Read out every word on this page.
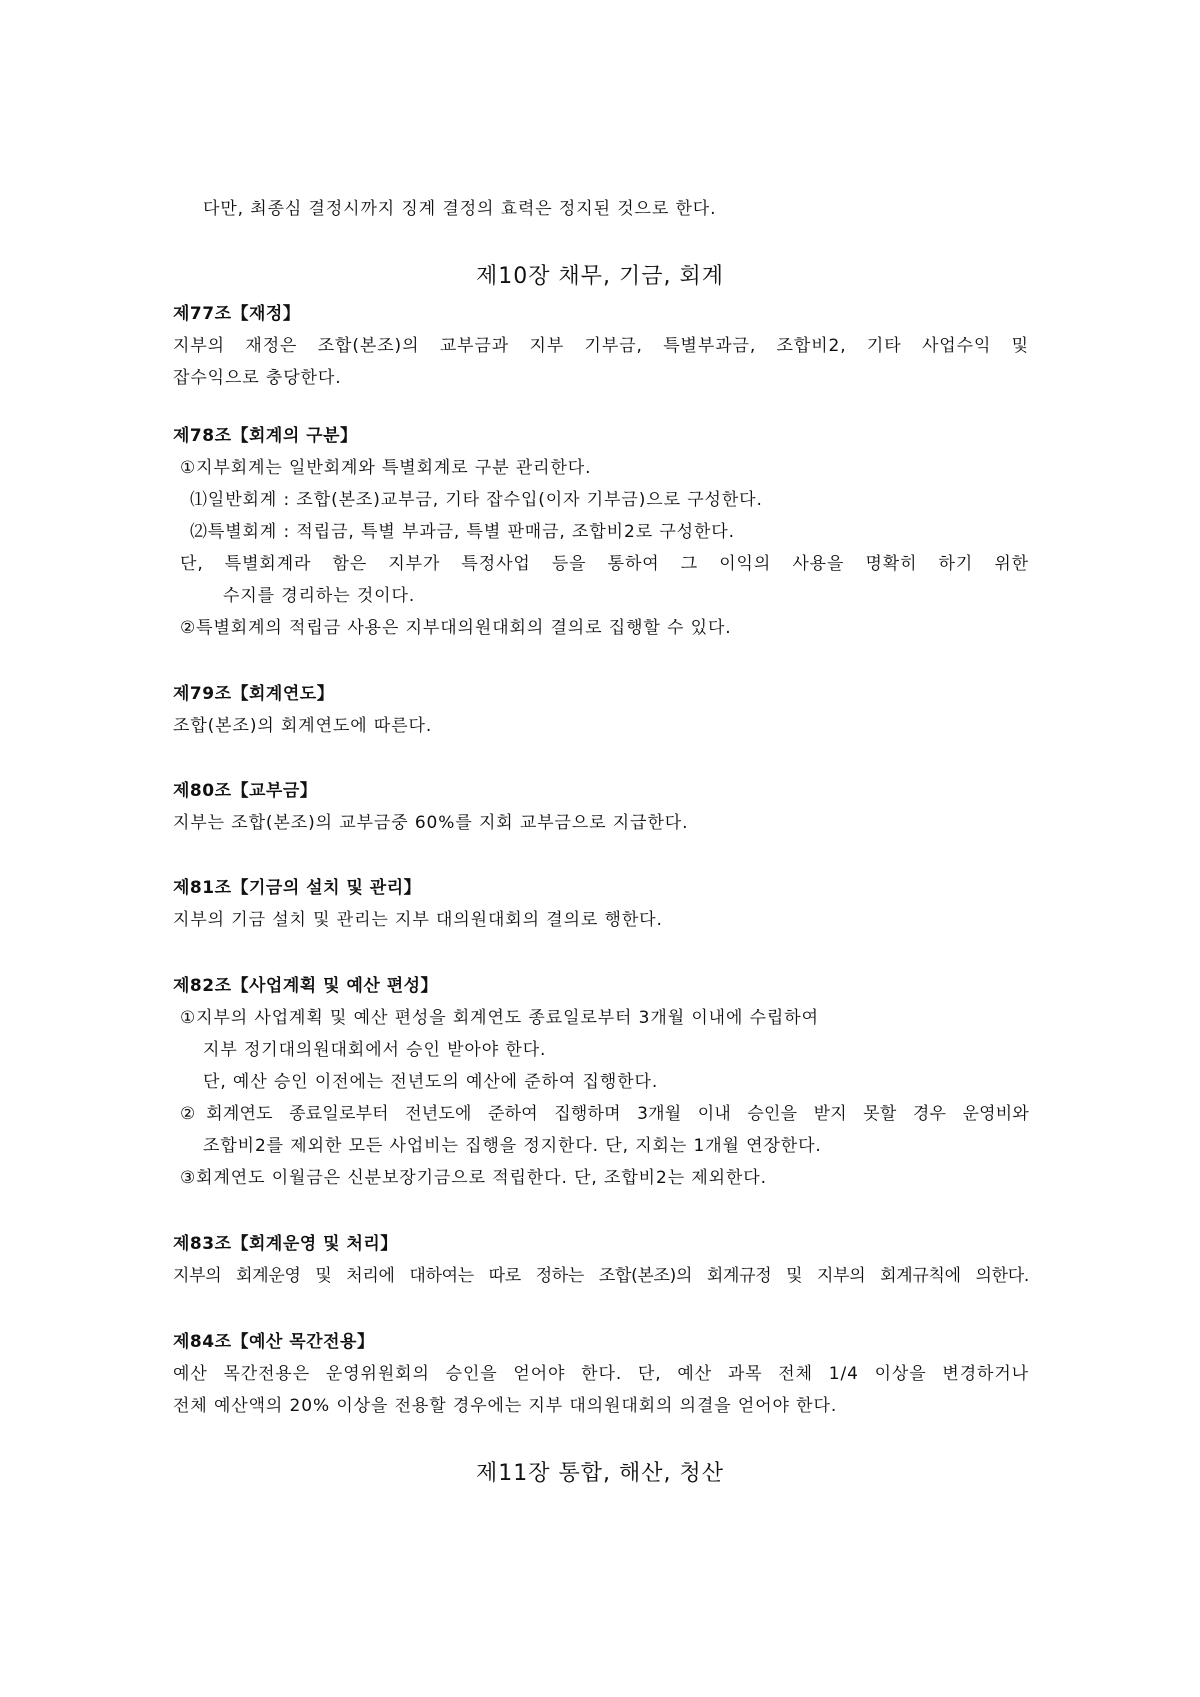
다만, 최종심 결정시까지 징계 결정의 효력은 정지된 것으로 한다.
제10장 채무, 기금, 회계
제77조【재정】
지부의 재정은 조합(본조)의 교부금과 지부 기부금, 특별부과금, 조합비2, 기타 사업수익 및
잡수익으로 충당한다.
제78조【회계의 구분】
①지부회계는 일반회계와 특별회계로 구분 관리한다.
⑴일반회계 : 조합(본조)교부금, 기타 잡수입(이자 기부금)으로 구성한다.
⑵특별회계 : 적립금, 특별 부과금, 특별 판매금, 조합비2로 구성한다.
단, 특별회계라 함은 지부가 특정사업 등을 통하여 그 이익의 사용을 명확히 하기 위한
수지를 경리하는 것이다.
②특별회계의 적립금 사용은 지부대의원대회의 결의로 집행할 수 있다.
제79조【회계연도】
조합(본조)의 회계연도에 따른다.
제80조【교부금】
지부는 조합(본조)의 교부금중 60%를 지회 교부금으로 지급한다.
제81조【기금의 설치 및 관리】
지부의 기금 설치 및 관리는 지부 대의원대회의 결의로 행한다.
제82조【사업계획 및 예산 편성】
①지부의 사업계획 및 예산 편성을 회계연도 종료일로부터 3개월 이내에 수립하여
지부 정기대의원대회에서 승인 받아야 한다.
단, 예산 승인 이전에는 전년도의 예산에 준하여 집행한다.
②회계연도 종료일로부터 전년도에 준하여 집행하며 3개월 이내 승인을 받지 못할 경우 운영비와
조합비2를 제외한 모든 사업비는 집행을 정지한다. 단, 지회는 1개월 연장한다.
③회계연도 이월금은 신분보장기금으로 적립한다. 단, 조합비2는 제외한다.
제83조【회계운영 및 처리】
지부의 회계운영 및 처리에 대하여는 따로 정하는 조합(본조)의 회계규정 및 지부의 회계규칙에 의한다.
제84조【예산 목간전용】
예산 목간전용은 운영위원회의 승인을 얻어야 한다. 단, 예산 과목 전체 1/4 이상을 변경하거나
전체 예산액의 20% 이상을 전용할 경우에는 지부 대의원대회의 의결을 얻어야 한다.
제11장 통합, 해산, 청산
